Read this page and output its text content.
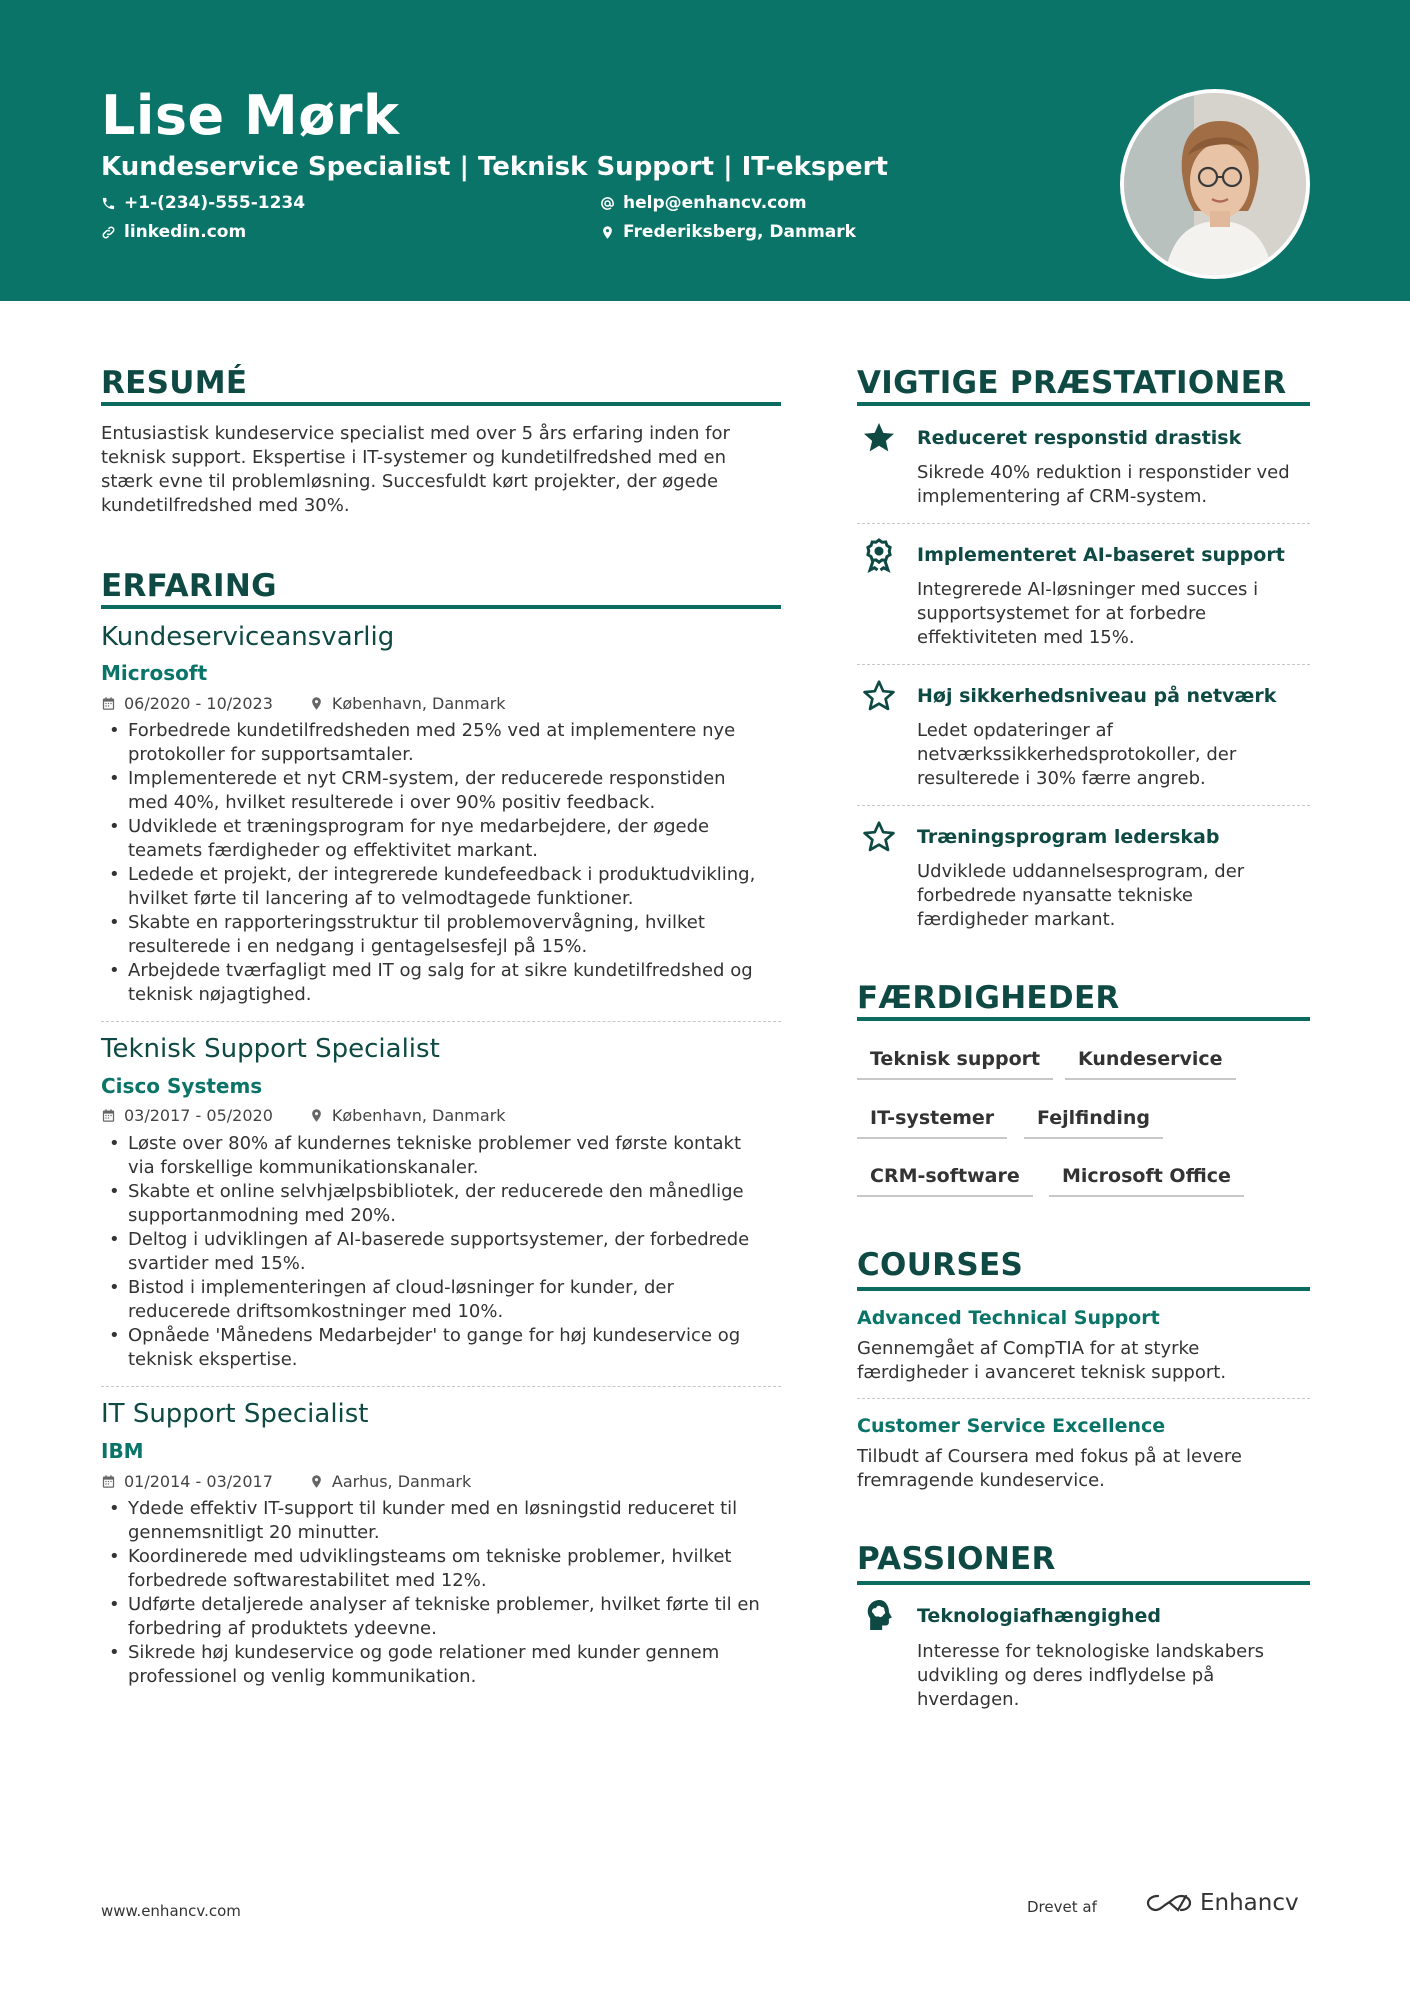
Lise Mørk
Kundeservice Specialist | Teknisk Support | IT-ekspert
+1-(234)-555-1234
linkedin.com
help@enhancv.com
Frederiksberg, Danmark
RESUMÉ
Entusiastisk kundeservice specialist med over 5 års erfaring inden for
teknisk support. Ekspertise i IT-systemer og kundetilfredshed med en
stærk evne til problemløsning. Succesfuldt kørt projekter, der øgede
kundetilfredshed med 30%.
ERFARING
Kundeserviceansvarlig
Microsoft
06/2020 - 10/2023	København, Danmark
• Forbedrede kundetilfredsheden med 25% ved at implementere nye
protokoller for supportsamtaler.
• Implementerede et nyt CRM-system, der reducerede responstiden
med 40%, hvilket resulterede i over 90% positiv feedback.
• Udviklede et træningsprogram for nye medarbejdere, der øgede
teamets færdigheder og effektivitet markant.
• Ledede et projekt, der integrerede kundefeedback i produktudvikling,
hvilket førte til lancering af to velmodtagede funktioner.
• Skabte en rapporteringsstruktur til problemovervågning, hvilket
resulterede i en nedgang i gentagelsesfejl på 15%.
• Arbejdede tværfagligt med IT og salg for at sikre kundetilfredshed og
teknisk nøjagtighed.
Teknisk Support Specialist
Cisco Systems
03/2017 - 05/2020	København, Danmark
• Løste over 80% af kundernes tekniske problemer ved første kontakt
via forskellige kommunikationskanaler.
• Skabte et online selvhjælpsbibliotek, der reducerede den månedlige
supportanmodning med 20%.
• Deltog i udviklingen af AI-baserede supportsystemer, der forbedrede
svartider med 15%.
• Bistod i implementeringen af cloud-løsninger for kunder, der
reducerede driftsomkostninger med 10%.
• Opnåede 'Månedens Medarbejder' to gange for høj kundeservice og
teknisk ekspertise.
IT Support Specialist
IBM
01/2014 - 03/2017	Aarhus, Danmark
• Ydede effektiv IT-support til kunder med en løsningstid reduceret til
gennemsnitligt 20 minutter.
• Koordinerede med udviklingsteams om tekniske problemer, hvilket
forbedrede softwarestabilitet med 12%.
• Udførte detaljerede analyser af tekniske problemer, hvilket førte til en
forbedring af produktets ydeevne.
• Sikrede høj kundeservice og gode relationer med kunder gennem
professionel og venlig kommunikation.
VIGTIGE PRÆSTATIONER
Reduceret responstid drastisk
Sikrede 40% reduktion i responstider ved
implementering af CRM-system.
Implementeret AI-baseret support
Integrerede AI-løsninger med succes i
supportsystemet for at forbedre
effektiviteten med 15%.
Høj sikkerhedsniveau på netværk
Ledet opdateringer af
netværkssikkerhedsprotokoller, der
resulterede i 30% færre angreb.
Træningsprogram lederskab
Udviklede uddannelsesprogram, der
forbedrede nyansatte tekniske
færdigheder markant.
FÆRDIGHEDER
Teknisk support	Kundeservice
IT-systemer	Fejlfinding
CRM-software	Microsoft Office
COURSES
Advanced Technical Support
Gennemgået af CompTIA for at styrke
færdigheder i avanceret teknisk support.
Customer Service Excellence
Tilbudt af Coursera med fokus på at levere
fremragende kundeservice.
PASSIONER
Teknologiafhængighed
Interesse for teknologiske landskabers
udvikling og deres indflydelse på
hverdagen.
www.enhancv.com	Drevet af	Enhancv
